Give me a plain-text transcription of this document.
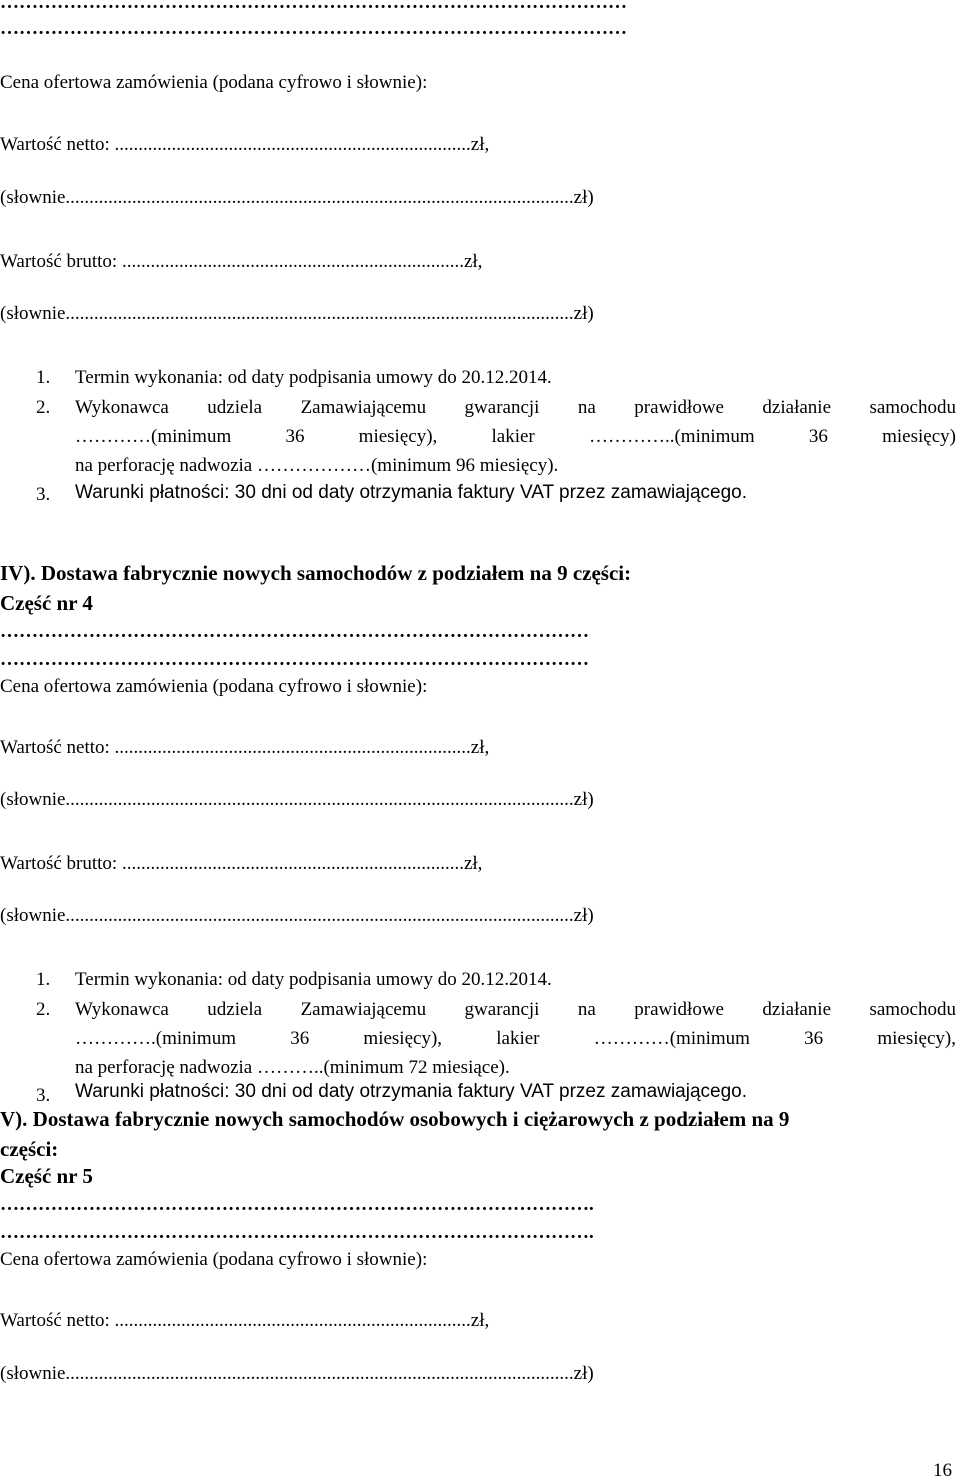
………………………………………………………………………………………
………………………………………………………………………………………
Cena ofertowa zamówienia (podana cyfrowo i słownie):
Wartość netto: ...........................................................................zł,
(słownie...........................................................................................................zł)
Wartość brutto: ........................................................................zł,
(słownie...........................................................................................................zł)
1. Termin wykonania: od daty podpisania umowy do 20.12.2014.
2. Wykonawca udziela Zamawiającemu gwarancji na prawidłowe działanie samochodu
…………(minimum 36 miesięcy), lakier …………..(minimum 36 miesięcy)
na perforację nadwozia ………………(minimum 96 miesięcy).
3. Warunki płatności: 30 dni od daty otrzymania faktury VAT przez zamawiającego.
IV). Dostawa fabrycznie nowych samochodów z podziałem na 9 części:
Część nr 4
…………………………………………………………………………………
…………………………………………………………………………………
Cena ofertowa zamówienia (podana cyfrowo i słownie):
Wartość netto: ...........................................................................zł,
(słownie...........................................................................................................zł)
Wartość brutto: ........................................................................zł,
(słownie...........................................................................................................zł)
1. Termin wykonania: od daty podpisania umowy do 20.12.2014.
2. Wykonawca udziela Zamawiającemu gwarancji na prawidłowe działanie samochodu
………….(minimum 36 miesięcy), lakier …………(minimum 36 miesięcy),
na perforację nadwozia ………..(minimum 72 miesiące).
3. Warunki płatności: 30 dni od daty otrzymania faktury VAT przez zamawiającego.
V). Dostawa fabrycznie nowych samochodów osobowych i ciężarowych z podziałem na 9
części:
Część nr 5
………………………………………………………………………………….
………………………………………………………………………………….
Cena ofertowa zamówienia (podana cyfrowo i słownie):
Wartość netto: ...........................................................................zł,
(słownie...........................................................................................................zł)
16
